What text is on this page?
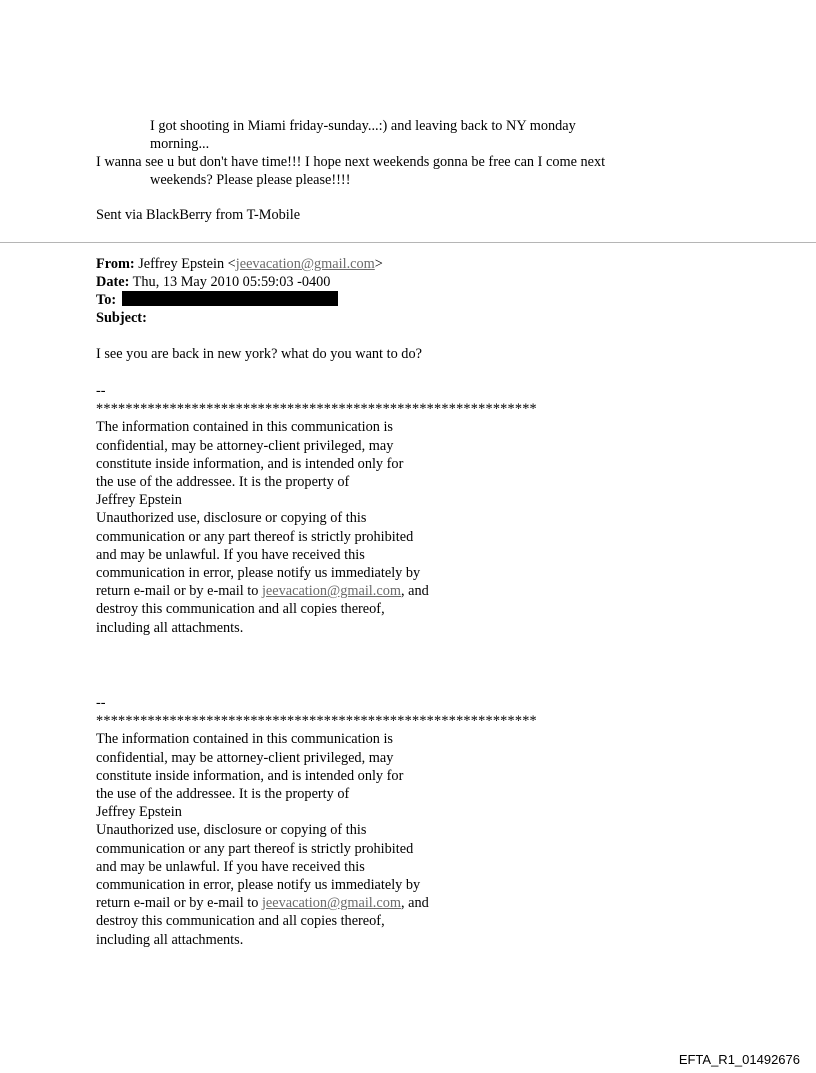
I got shooting in Miami friday-sunday...:) and leaving back to NY monday
morning...
I wanna see u but don't have time!!! I hope next weekends gonna be free can I come next
weekends? Please please please!!!!
Sent via BlackBerry from T-Mobile
From: Jeffrey Epstein <jeevacation@gmail.com>
Date: Thu, 13 May 2010 05:59:03 -0400
To:
Subject:
I see you are back in new york? what do you want to do?
--
************************************************************
The information contained in this communication is
confidential, may be attorney-client privileged, may
constitute inside information, and is intended only for
the use of the addressee. It is the property of
Jeffrey Epstein
Unauthorized use, disclosure or copying of this
communication or any part thereof is strictly prohibited
and may be unlawful. If you have received this
communication in error, please notify us immediately by
return e-mail or by e-mail to jeevacation@gmail.com, and
destroy this communication and all copies thereof,
including all attachments.
--
************************************************************
The information contained in this communication is
confidential, may be attorney-client privileged, may
constitute inside information, and is intended only for
the use of the addressee. It is the property of
Jeffrey Epstein
Unauthorized use, disclosure or copying of this
communication or any part thereof is strictly prohibited
and may be unlawful. If you have received this
communication in error, please notify us immediately by
return e-mail or by e-mail to jeevacation@gmail.com, and
destroy this communication and all copies thereof,
including all attachments.
EFTA_R1_01492676
